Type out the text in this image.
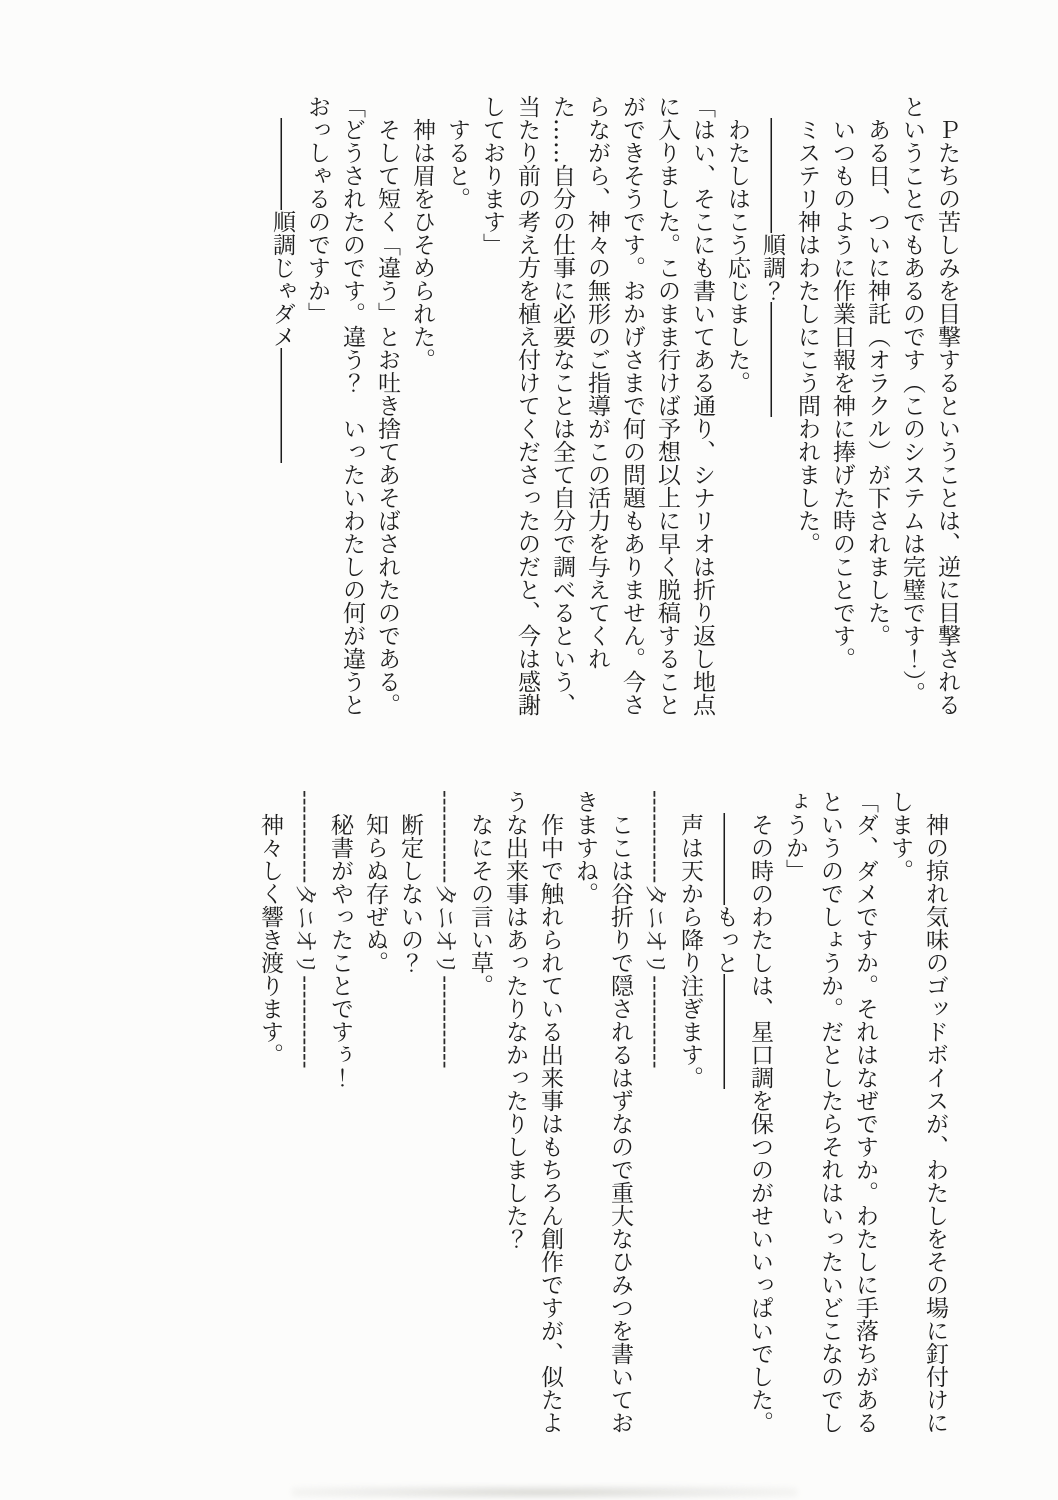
　Ｐたちの苦しみを目撃するということは、逆に目撃されるということでもあるのです（このシステムは完璧です！）。

　ある日、ついに神託（オラクル）が下されました。

　いつものように作業日報を神に捧げた時のことです。

　ミステリ神はわたしにこう問われました。

　―――――順調？―――――

　わたしはこう応じました。

「はい、そこにも書いてある通り、シナリオは折り返し地点に入りました。このまま行けば予想以上に早く脱稿することができそうです。おかげさまで何の問題もありません。今さらながら、神々の無形のご指導がこの活力を与えてくれた……自分の仕事に必要なことは全て自分で調べるという、当たり前の考え方を植え付けてくださったのだと、今は感謝しております」

　すると。

　神は眉をひそめられた。

　そして短く「違う」とお吐き捨てあそばされたのである。

「どうされたのです。違う？　いったいわたしの何が違うとおっしゃるのですか」

　――――順調じゃダメ―――――

　神の掠れ気味のゴッドボイスが、わたしをその場に釘付けにします。

「ダ、ダメですか。それはなぜですか。わたしに手落ちがあるというのでしょうか。だとしたらそれはいったいどこなのでしょうか」

　その時のわたしは、星口調を保つのがせいいっぱいでした。

　――――もっと―――――

　声は天から降り注ぎます。

------------タニオリ------------

　ここは谷折りで隠されるはずなので重大なひみつを書いておきますね。

　作中で触れられている出来事はもちろん創作ですが、似たような出来事はあったりなかったりしました？

　なにその言い草。

------------タニオリ------------

　断定しないの？

　知らぬ存ぜぬ。

　秘書がやったことですぅ！

------------タニオリ------------

　神々しく響き渡ります。
